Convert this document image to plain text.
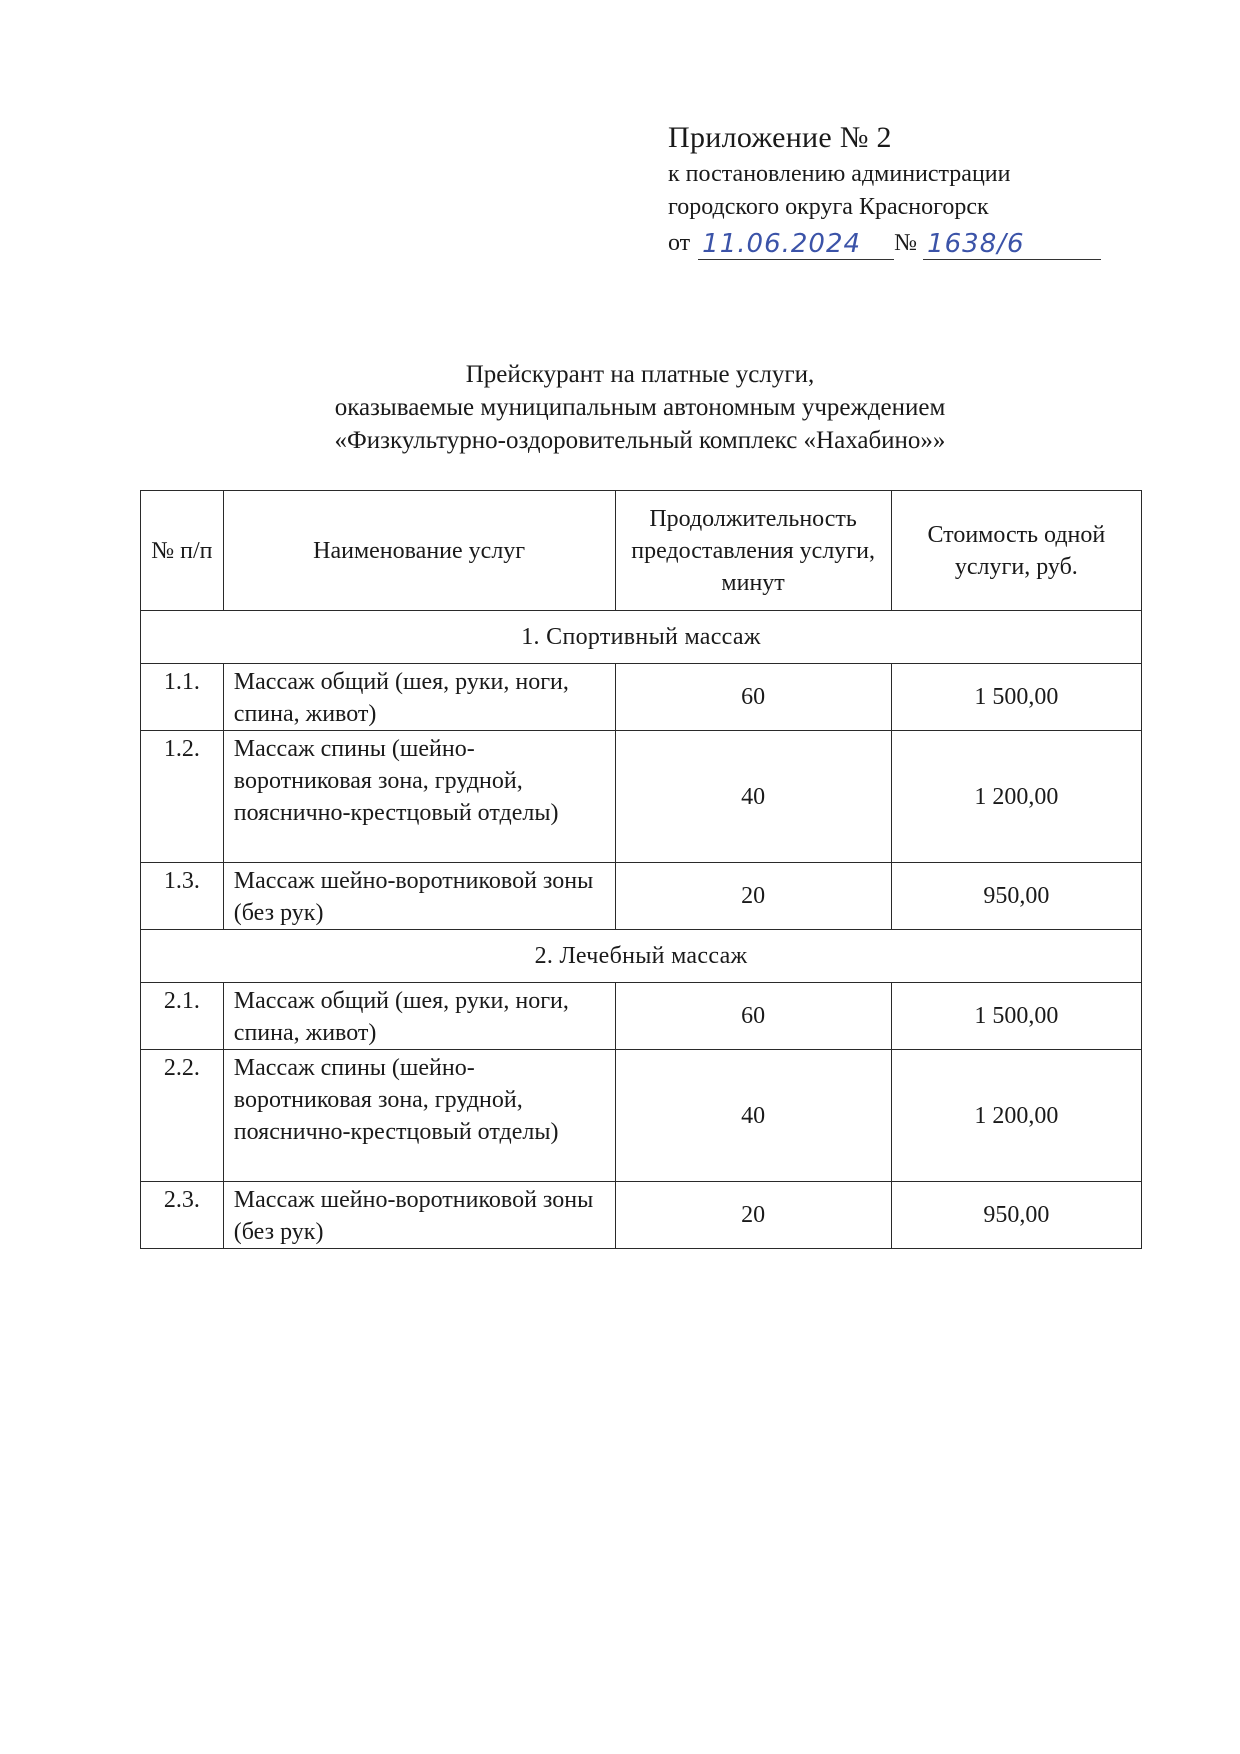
Приложение № 2
к постановлению администрации
городского округа Красногорск
от 11.06.2024	№ 1638/6
Прейскурант на платные услуги,
оказываемые муниципальным автономным учреждением
«Физкультурно-оздоровительный комплекс «Нахабино»»
№ п/п	Наименование услуг	Продолжительность предоставления услуги, минут	Стоимость одной услуги, руб.
1. Спортивный массаж			
1.1.	Массаж общий (шея, руки, ноги, спина, живот)	60	1 500,00
1.2.	Массаж спины (шейно-воротниковая зона, грудной, пояснично-крестцовый отделы)	40	1 200,00
1.3.	Массаж шейно-воротниковой зоны (без рук)	20	950,00
2. Лечебный массаж			
2.1.	Массаж общий (шея, руки, ноги, спина, живот)	60	1 500,00
2.2.	Массаж спины (шейно-воротниковая зона, грудной, пояснично-крестцовый отделы)	40	1 200,00
2.3.	Массаж шейно-воротниковой зоны (без рук)	20	950,00
